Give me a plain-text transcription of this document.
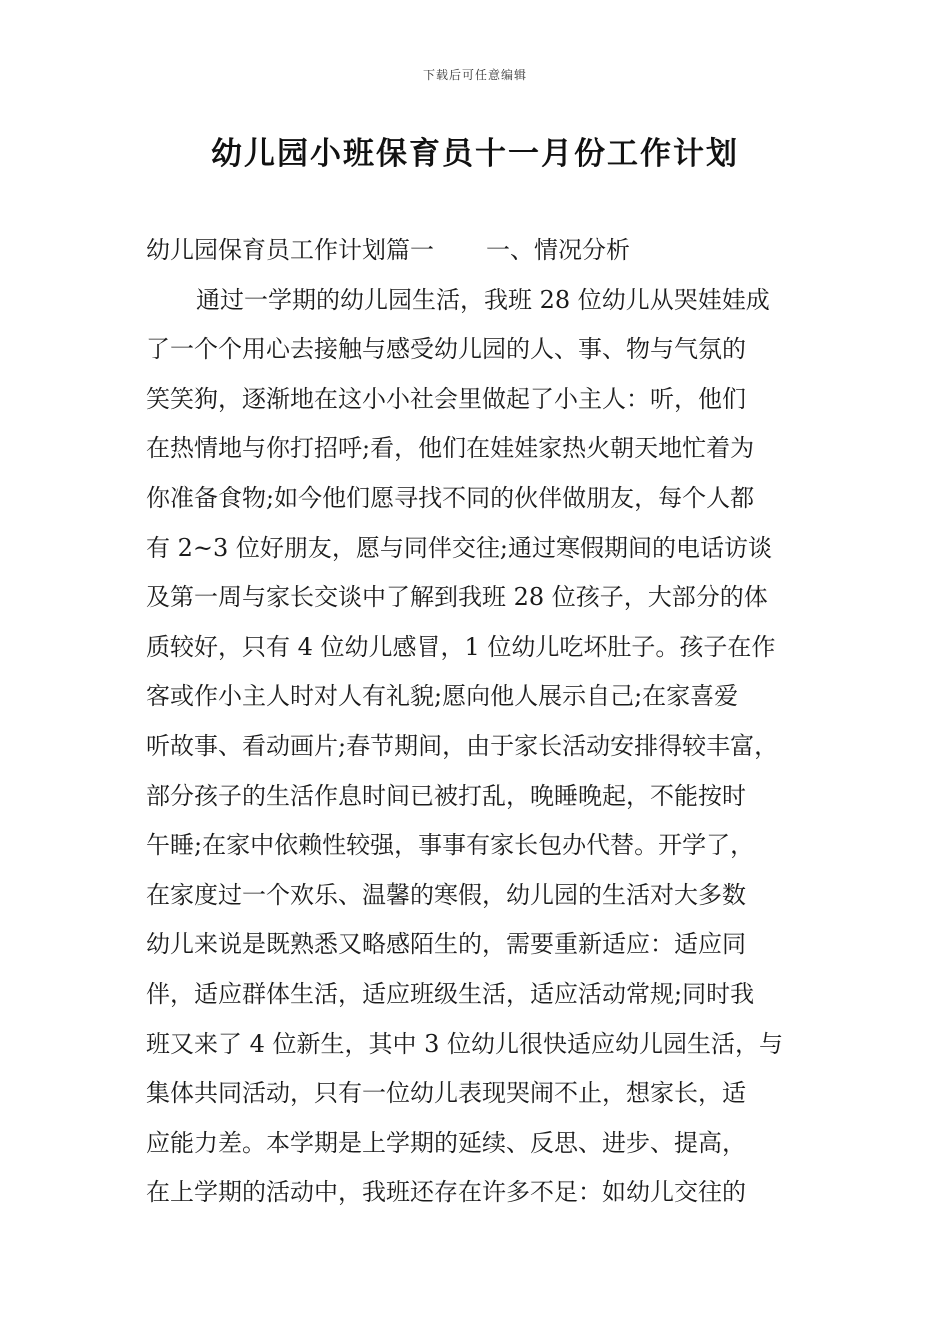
下载后可任意编辑
幼儿园小班保育员十一月份工作计划
幼儿园保育员工作计划篇一 一、情况分析
通过一学期的幼儿园生活，我班 28 位幼儿从哭娃娃成
了一个个用心去接触与感受幼儿园的人、事、物与气氛的
笑笑狗，逐渐地在这小小社会里做起了小主人：听，他们
在热情地与你打招呼;看，他们在娃娃家热火朝天地忙着为
你准备食物;如今他们愿寻找不同的伙伴做朋友，每个人都
有 2~3 位好朋友，愿与同伴交往;通过寒假期间的电话访谈
及第一周与家长交谈中了解到我班 28 位孩子，大部分的体
质较好，只有 4 位幼儿感冒，1 位幼儿吃坏肚子。孩子在作
客或作小主人时对人有礼貌;愿向他人展示自己;在家喜爱
听故事、看动画片;春节期间，由于家长活动安排得较丰富，
部分孩子的生活作息时间已被打乱，晚睡晚起，不能按时
午睡;在家中依赖性较强，事事有家长包办代替。开学了，
在家度过一个欢乐、温馨的寒假，幼儿园的生活对大多数
幼儿来说是既熟悉又略感陌生的，需要重新适应：适应同
伴，适应群体生活，适应班级生活，适应活动常规;同时我
班又来了 4 位新生，其中 3 位幼儿很快适应幼儿园生活，与
集体共同活动，只有一位幼儿表现哭闹不止，想家长，适
应能力差。本学期是上学期的延续、反思、进步、提高，
在上学期的活动中，我班还存在许多不足：如幼儿交往的
